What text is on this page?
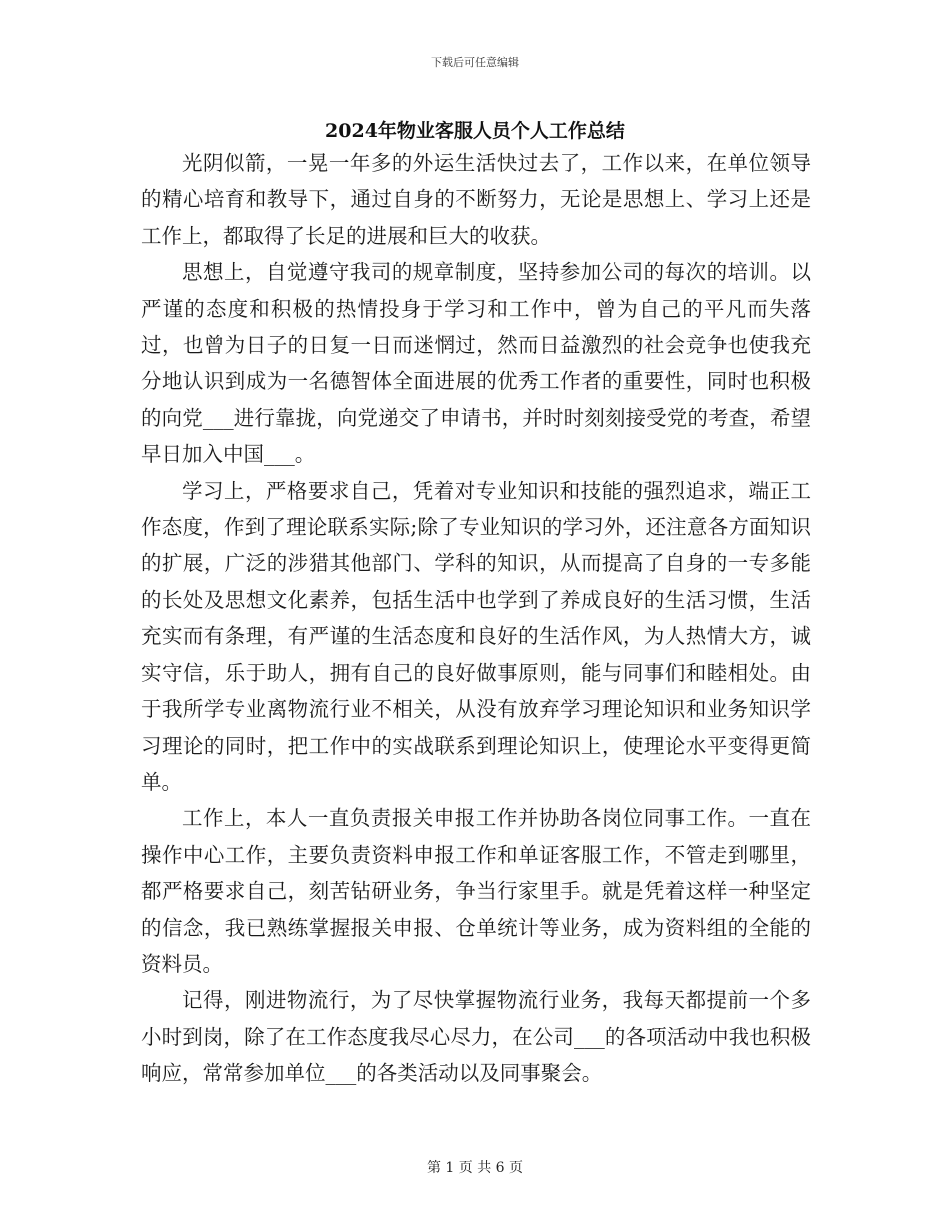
下载后可任意编辑
2024年物业客服人员个人工作总结

光阴似箭，一晃一年多的外运生活快过去了，工作以来，在单位领导的精心培育和教导下，通过自身的不断努力，无论是思想上、学习上还是工作上，都取得了长足的进展和巨大的收获。

思想上，自觉遵守我司的规章制度，坚持参加公司的每次的培训。以严谨的态度和积极的热情投身于学习和工作中，曾为自己的平凡而失落过，也曾为日子的日复一日而迷惘过，然而日益激烈的社会竞争也使我充分地认识到成为一名德智体全面进展的优秀工作者的重要性，同时也积极的向党___进行靠拢，向党递交了申请书，并时时刻刻接受党的考查，希望早日加入中国___。

学习上，严格要求自己，凭着对专业知识和技能的强烈追求，端正工作态度，作到了理论联系实际;除了专业知识的学习外，还注意各方面知识的扩展，广泛的涉猎其他部门、学科的知识，从而提高了自身的一专多能的长处及思想文化素养，包括生活中也学到了养成良好的生活习惯，生活充实而有条理，有严谨的生活态度和良好的生活作风，为人热情大方，诚实守信，乐于助人，拥有自己的良好做事原则，能与同事们和睦相处。由于我所学专业离物流行业不相关，从没有放弃学习理论知识和业务知识学习理论的同时，把工作中的实战联系到理论知识上，使理论水平变得更简单。

工作上，本人一直负责报关申报工作并协助各岗位同事工作。一直在操作中心工作，主要负责资料申报工作和单证客服工作，不管走到哪里，都严格要求自己，刻苦钻研业务，争当行家里手。就是凭着这样一种坚定的信念，我已熟练掌握报关申报、仓单统计等业务，成为资料组的全能的资料员。

记得，刚进物流行，为了尽快掌握物流行业务，我每天都提前一个多小时到岗，除了在工作态度我尽心尽力，在公司___的各项活动中我也积极响应，常常参加单位___的各类活动以及同事聚会。

第 1 页 共 6 页
